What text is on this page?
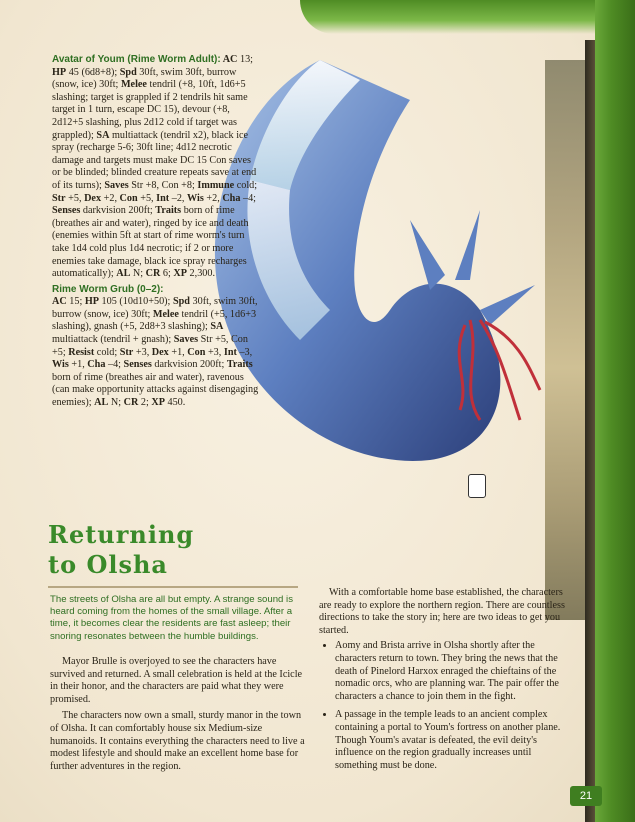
Avatar of Youm (Rime Worm Adult): AC 13; HP 45 (6d8+8); Spd 30ft, swim 30ft, burrow (snow, ice) 30ft; Melee tendril (+8, 10ft, 1d6+5 slashing; target is grappled if 2 tendrils hit same target in 1 turn, escape DC 15), devour (+8, 2d12+5 slashing, plus 2d12 cold if target was grappled); SA multiattack (tendril x2), black ice spray (recharge 5-6; 30ft line; 4d12 necrotic damage and targets must make DC 15 Con saves or be blinded; blinded creature repeats save at end of its turns); Saves Str +8, Con +8; Immune cold; Str +5, Dex +2, Con +5, Int –2, Wis +2, Cha –4; Senses darkvision 200ft; Traits born of rime (breathes air and water), ringed by ice and death (enemies within 5ft at start of rime worm's turn take 1d4 cold plus 1d4 necrotic; if 2 or more enemies take damage, black ice spray recharges automatically); AL N; CR 6; XP 2,300.

Rime Worm Grub (0–2):
AC 15; HP 105 (10d10+50); Spd 30ft, swim 30ft, burrow (snow, ice) 30ft; Melee tendril (+5, 1d6+3 slashing), gnash (+5, 2d8+3 slashing); SA multiattack (tendril + gnash); Saves Str +5, Con +5; Resist cold; Str +3, Dex +1, Con +3, Int –3, Wis +1, Cha –4; Senses darkvision 200ft; Traits born of rime (breathes air and water), ravenous (can make opportunity attacks against disengaging enemies); AL N; CR 2; XP 450.

Returning
to Olsha
The streets of Olsha are all but empty. A strange sound is heard coming from the homes of the small village. After a time, it becomes clear the residents are fast asleep; their snoring resonates between the humble buildings.

Mayor Brulle is overjoyed to see the characters have survived and returned. A small celebration is held at the Icicle in their honor, and the characters are paid what they were promised.

The characters now own a small, sturdy manor in the town of Olsha. It can comfortably house six Medium-size humanoids. It contains everything the characters need to live a modest lifestyle and should make an excellent home base for further adventures in the region.

With a comfortable home base established, the characters are ready to explore the northern region. There are countless directions to take the story in; here are two ideas to get you started.

• Aomy and Brista arrive in Olsha shortly after the characters return to town. They bring the news that the death of Pinelord Harxox enraged the chieftains of the nomadic orcs, who are planning war. The pair offer the characters a chance to join them in the fight.
• A passage in the temple leads to an ancient complex containing a portal to Youm's fortress on another plane. Though Youm's avatar is defeated, the evil deity's influence on the region gradually increases until something must be done.
21
